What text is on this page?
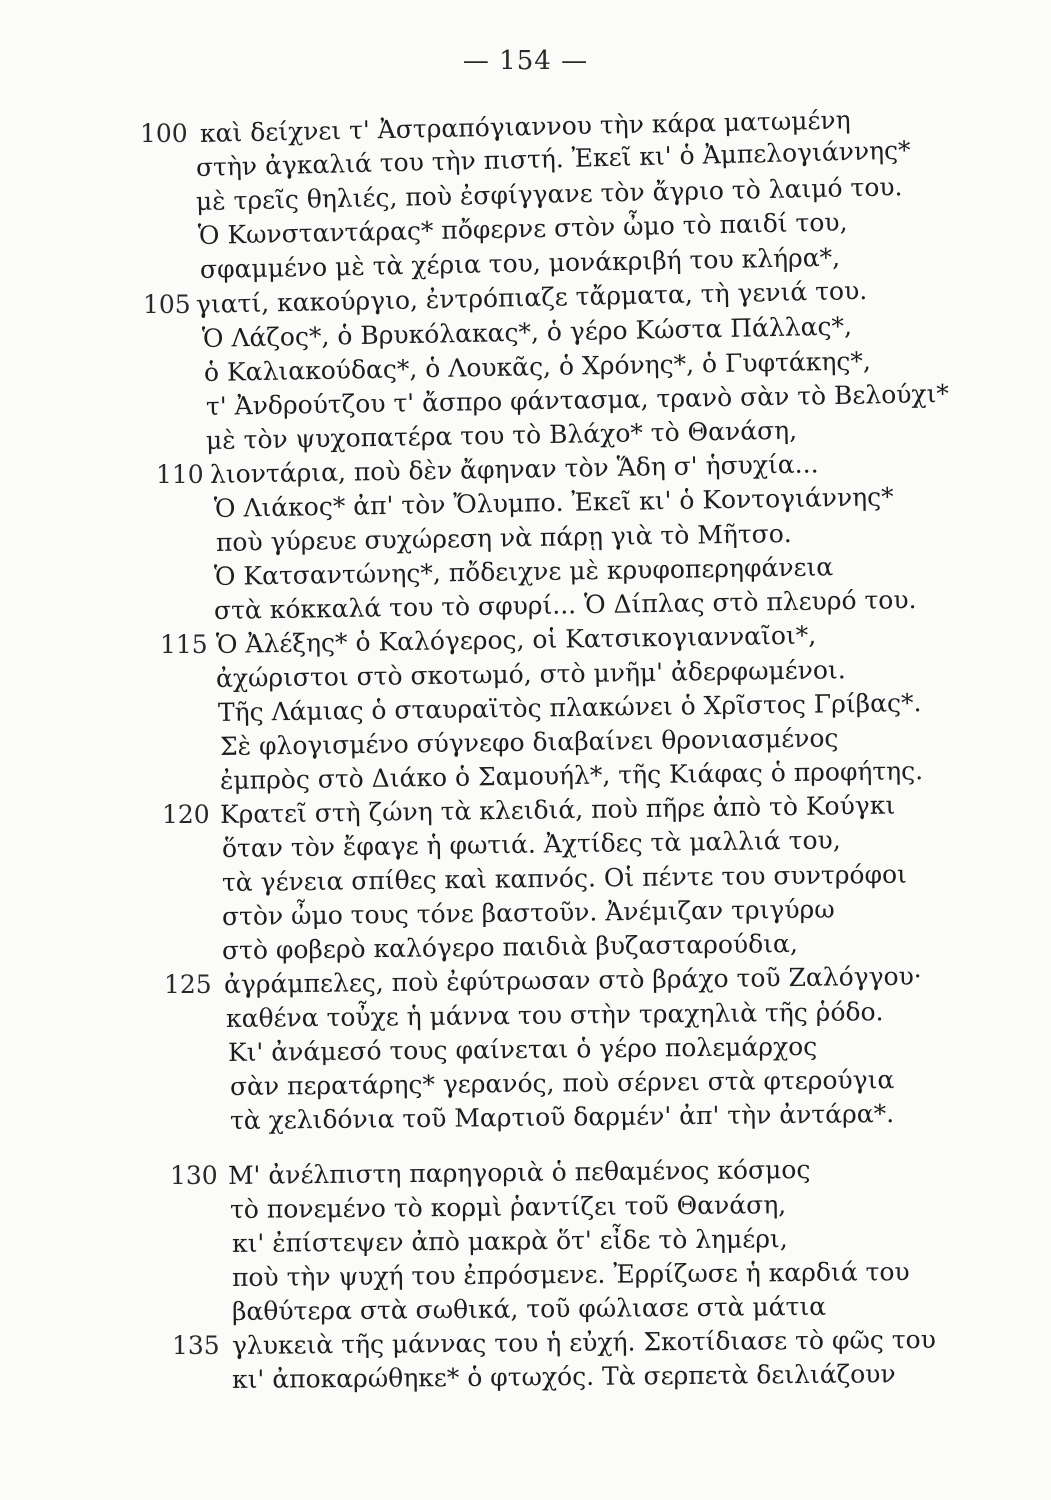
— 154 —
100 καὶ δείχνει τ' Ἀστραπόγιαννου τὴν κάρα ματωμένη
στὴν ἀγκαλιά του τὴν πιστή. Ἐκεῖ κι' ὁ Ἀμπελογιάννης*
μὲ τρεῖς θηλιές, ποὺ ἐσφίγγανε τὸν ἄγριο τὸ λαιμό του.
Ὁ Κωνσταντάρας* πὄφερνε στὸν ὦμο τὸ παιδί του,
σφαμμένο μὲ τὰ χέρια του, μονάκριβή του κλήρα*,
105 γιατί, κακούργιο, ἐντρόπιαζε τἄρματα, τὴ γενιά του.
Ὁ Λάζος*, ὁ Βρυκόλακας*, ὁ γέρο Κώστα Πάλλας*,
ὁ Καλιακούδας*, ὁ Λουκᾶς, ὁ Χρόνης*, ὁ Γυφτάκης*,
τ' Ἀνδρούτζου τ' ἄσπρο φάντασμα, τρανὸ σὰν τὸ Βελούχι*
μὲ τὸν ψυχοπατέρα του τὸ Βλάχο* τὸ Θανάση,
110 λιοντάρια, ποὺ δὲν ἄφηναν τὸν Ἅδη σ' ἡσυχία...
Ὁ Λιάκος* ἀπ' τὸν Ὄλυμπο. Ἐκεῖ κι' ὁ Κοντογιάννης*
ποὺ γύρευε συχώρεση νὰ πάρῃ γιὰ τὸ Μῆτσο.
Ὁ Κατσαντώνης*, πὄδειχνε μὲ κρυφοπερηφάνεια
στὰ κόκκαλά του τὸ σφυρί... Ὁ Δίπλας στὸ πλευρό του.
115 Ὁ Ἀλέξης* ὁ Καλόγερος, οἱ Κατσικογιανναῖοι*,
ἀχώριστοι στὸ σκοτωμό, στὸ μνῆμ' ἀδερφωμένοι.
Τῆς Λάμιας ὁ σταυραϊτὸς πλακώνει ὁ Χρῖστος Γρίβας*.
Σὲ φλογισμένο σύγνεφο διαβαίνει θρονιασμένος
ἐμπρὸς στὸ Διάκο ὁ Σαμουήλ*, τῆς Κιάφας ὁ προφήτης.
120 Κρατεῖ στὴ ζώνη τὰ κλειδιά, ποὺ πῆρε ἀπὸ τὸ Κούγκι
ὅταν τὸν ἔφαγε ἡ φωτιά. Ἀχτίδες τὰ μαλλιά του,
τὰ γένεια σπίθες καὶ καπνός. Οἱ πέντε του συντρόφοι
στὸν ὦμο τους τόνε βαστοῦν. Ἀνέμιζαν τριγύρω
στὸ φοβερὸ καλόγερο παιδιὰ βυζασταρούδια,
125 ἀγράμπελες, ποὺ ἐφύτρωσαν στὸ βράχο τοῦ Ζαλόγγου·
καθένα τοὖχε ἡ μάννα του στὴν τραχηλιὰ τῆς ῥόδο.
Κι' ἀνάμεσό τους φαίνεται ὁ γέρο πολεμάρχος
σὰν περατάρης* γερανός, ποὺ σέρνει στὰ φτερούγια
τὰ χελιδόνια τοῦ Μαρτιοῦ δαρμέν' ἀπ' τὴν ἀντάρα*.
130 Μ' ἀνέλπιστη παρηγοριὰ ὁ πεθαμένος κόσμος
τὸ πονεμένο τὸ κορμὶ ῥαντίζει τοῦ Θανάση,
κι' ἐπίστεψεν ἀπὸ μακρὰ ὅτ' εἶδε τὸ λημέρι,
ποὺ τὴν ψυχή του ἐπρόσμενε. Ἐρρίζωσε ἡ καρδιά του
βαθύτερα στὰ σωθικά, τοῦ φώλιασε στὰ μάτια
135 γλυκειὰ τῆς μάννας του ἡ εὐχή. Σκοτίδιασε τὸ φῶς του
κι' ἀποκαρώθηκε* ὁ φτωχός. Τὰ σερπετὰ δειλιάζουν
